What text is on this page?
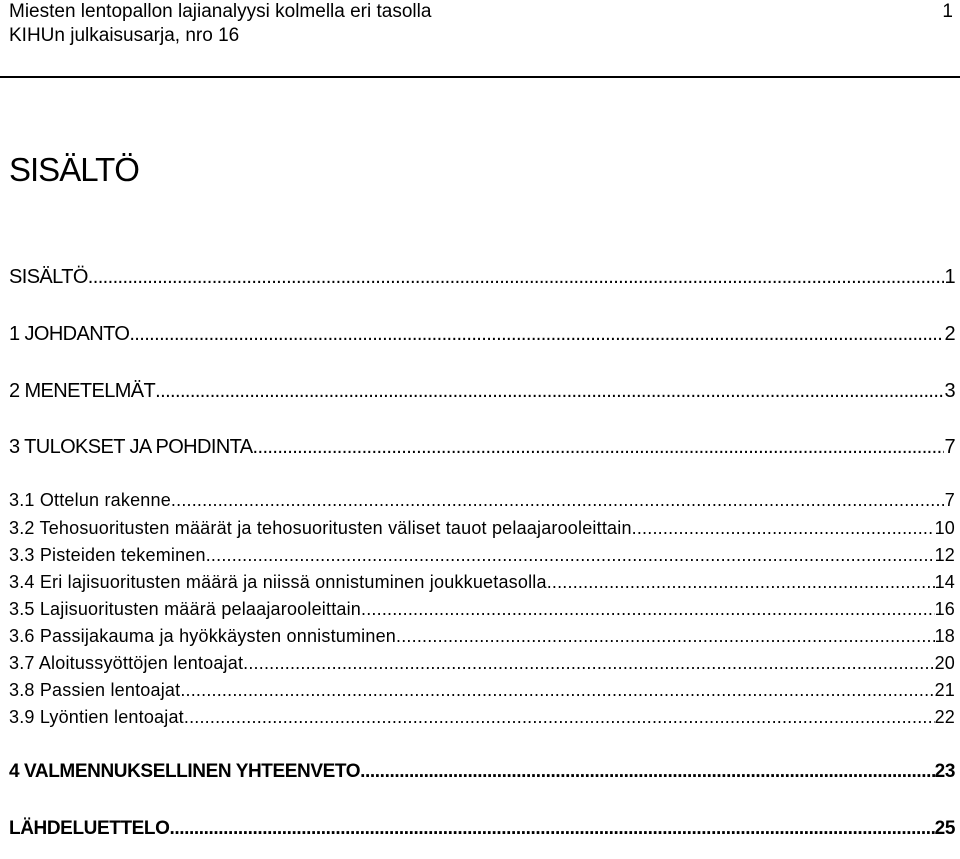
Miesten lentopallon lajianalyysi kolmella eri tasolla	1
KIHUn julkaisusarja, nro 16
SISÄLTÖ
SISÄLTÖ .....	1
1 JOHDANTO .....	2
2 MENETELMÄT .....	3
3 TULOKSET JA POHDINTA .....	7
3.1 Ottelun rakenne .....	7
3.2 Tehosuoritusten määrät ja tehosuoritusten väliset tauot pelaajarooleittain .....	10
3.3 Pisteiden tekeminen .....	12
3.4 Eri lajisuoritusten määrä ja niissä onnistuminen joukkuetasolla .....	14
3.5 Lajisuoritusten määrä pelaajarooleittain .....	16
3.6 Passijakauma ja hyökkäysten onnistuminen .....	18
3.7 Aloitussyöttöjen lentoajat .....	20
3.8 Passien lentoajat .....	21
3.9 Lyöntien lentoajat .....	22
4 VALMENNUKSELLINEN YHTEENVETO .....	23
LÄHDELUETTELO .....	25
